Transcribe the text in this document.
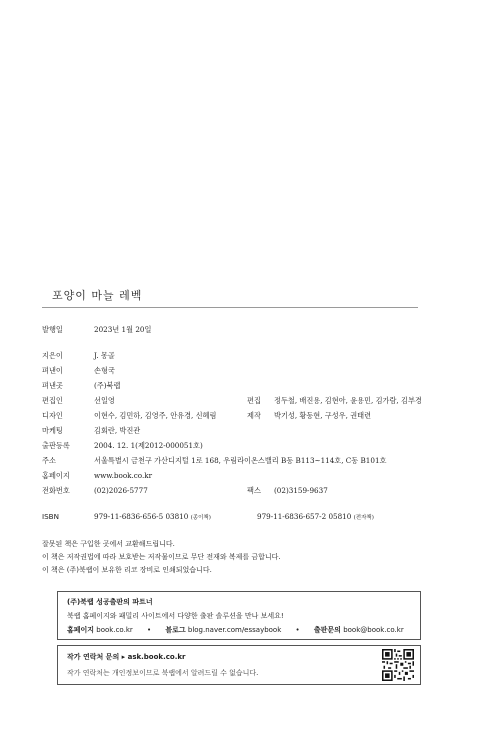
포양이 마늘 레벡
발행일	2023년 1월 20일
지은이	J. 몽골
펴낸이	손형국
펴낸곳	(주)북랩
편집인	선일영	편집 정두철, 배진용, 김현아, 윤용민, 김가람, 김부경
디자인	이현수, 김민하, 김영주, 안유경, 신혜림	제작 박기성, 황동현, 구성우, 권태련
마케팅	김회란, 박진관
출판등록	2004. 12. 1(제2012-000051호)
주소	서울특별시 금천구 가산디지털 1로 168, 우림라이온스밸리 B동 B113~114호, C동 B101호
홈페이지	www.book.co.kr
전화번호	(02)2026-5777	팩스 (02)3159-9637
ISBN	979-11-6836-656-5 03810 (종이책)	979-11-6836-657-2 05810 (전자책)
잘못된 책은 구입한 곳에서 교환해드립니다.
이 책은 저작권법에 따라 보호받는 저작물이므로 무단 전재와 복제를 금합니다.
이 책은 (주)북랩이 보유한 리코 장비로 인쇄되었습니다.
(주)북랩 성공출판의 파트너
북랩 홈페이지와 패밀리 사이트에서 다양한 출판 솔루션을 만나 보세요!
홈페이지 book.co.kr • 블로그 blog.naver.com/essaybook • 출판문의 book@book.co.kr
작가 연락처 문의 ▸ ask.book.co.kr
작가 연락처는 개인정보이므로 북랩에서 알려드릴 수 없습니다.
